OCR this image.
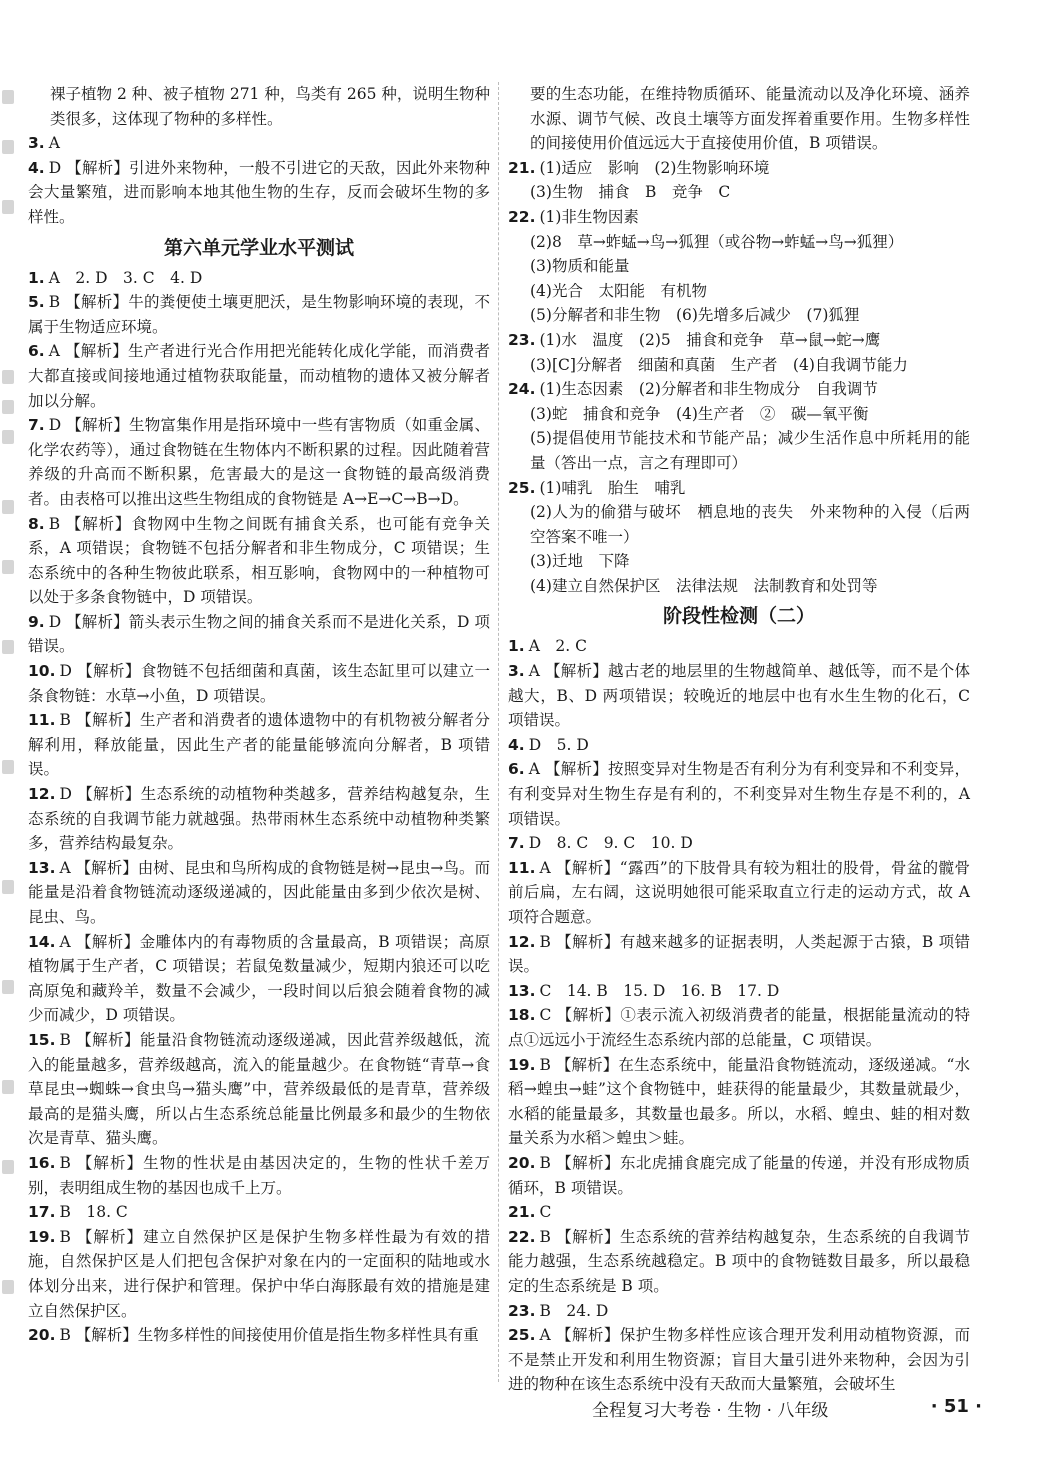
裸子植物 2 种、被子植物 271 种，鸟类有 265 种，说明生物种类很多，这体现了物种的多样性。

3. A

4. D 【解析】引进外来物种，一般不引进它的天敌，因此外来物种会大量繁殖，进而影响本地其他生物的生存，反而会破坏生物的多样性。

第六单元学业水平测试

1. A　2. D　3. C　4. D

5. B 【解析】牛的粪便使土壤更肥沃，是生物影响环境的表现，不属于生物适应环境。

6. A 【解析】生产者进行光合作用把光能转化成化学能，而消费者大都直接或间接地通过植物获取能量，而动植物的遗体又被分解者加以分解。

7. D 【解析】生物富集作用是指环境中一些有害物质（如重金属、化学农药等），通过食物链在生物体内不断积累的过程。因此随着营养级的升高而不断积累，危害最大的是这一食物链的最高级消费者。由表格可以推出这些生物组成的食物链是 A→E→C→B→D。

8. B 【解析】食物网中生物之间既有捕食关系，也可能有竞争关系，A 项错误；食物链不包括分解者和非生物成分，C 项错误；生态系统中的各种生物彼此联系，相互影响，食物网中的一种植物可以处于多条食物链中，D 项错误。

9. D 【解析】箭头表示生物之间的捕食关系而不是进化关系，D 项错误。

10. D 【解析】食物链不包括细菌和真菌，该生态缸里可以建立一条食物链：水草→小鱼，D 项错误。

11. B 【解析】生产者和消费者的遗体遗物中的有机物被分解者分解利用，释放能量，因此生产者的能量能够流向分解者，B 项错误。

12. D 【解析】生态系统的动植物种类越多，营养结构越复杂，生态系统的自我调节能力就越强。热带雨林生态系统中动植物种类繁多，营养结构最复杂。

13. A 【解析】由树、昆虫和鸟所构成的食物链是树→昆虫→鸟。而能量是沿着食物链流动逐级递减的，因此能量由多到少依次是树、昆虫、鸟。

14. A 【解析】金雕体内的有毒物质的含量最高，B 项错误；高原植物属于生产者，C 项错误；若鼠兔数量减少，短期内狼还可以吃高原兔和藏羚羊，数量不会减少，一段时间以后狼会随着食物的减少而减少，D 项错误。

15. B 【解析】能量沿食物链流动逐级递减，因此营养级越低，流入的能量越多，营养级越高，流入的能量越少。在食物链“青草→食草昆虫→蜘蛛→食虫鸟→猫头鹰”中，营养级最低的是青草，营养级最高的是猫头鹰，所以占生态系统总能量比例最多和最少的生物依次是青草、猫头鹰。

16. B 【解析】生物的性状是由基因决定的，生物的性状千差万别，表明组成生物的基因也成千上万。

17. B　18. C

19. B 【解析】建立自然保护区是保护生物多样性最为有效的措施，自然保护区是人们把包含保护对象在内的一定面积的陆地或水体划分出来，进行保护和管理。保护中华白海豚最有效的措施是建立自然保护区。

20. B 【解析】生物多样性的间接使用价值是指生物多样性具有重

要的生态功能，在维持物质循环、能量流动以及净化环境、涵养水源、调节气候、改良土壤等方面发挥着重要作用。生物多样性的间接使用价值远远大于直接使用价值，B 项错误。

21. (1)适应　影响　(2)生物影响环境

(3)生物　捕食　B　竞争　C

22. (1)非生物因素

(2)8　草→蚱蜢→鸟→狐狸（或谷物→蚱蜢→鸟→狐狸）

(3)物质和能量

(4)光合　太阳能　有机物

(5)分解者和非生物　(6)先增多后减少　(7)狐狸

23. (1)水　温度　(2)5　捕食和竞争　草→鼠→蛇→鹰

(3)[C]分解者　细菌和真菌　生产者　(4)自我调节能力

24. (1)生态因素　(2)分解者和非生物成分　自我调节

(3)蛇　捕食和竞争　(4)生产者　②　碳—氧平衡

(5)提倡使用节能技术和节能产品；减少生活作息中所耗用的能量（答出一点，言之有理即可）

25. (1)哺乳　胎生　哺乳

(2)人为的偷猎与破坏　栖息地的丧失　外来物种的入侵（后两空答案不唯一）

(3)迁地　下降

(4)建立自然保护区　法律法规　法制教育和处罚等

阶段性检测（二）

1. A　2. C

3. A 【解析】越古老的地层里的生物越简单、越低等，而不是个体越大，B、D 两项错误；较晚近的地层中也有水生生物的化石，C 项错误。

4. D　5. D

6. A 【解析】按照变异对生物是否有利分为有利变异和不利变异，有利变异对生物生存是有利的，不利变异对生物生存是不利的，A 项错误。

7. D　8. C　9. C　10. D

11. A 【解析】“露西”的下肢骨具有较为粗壮的股骨，骨盆的髋骨前后扁，左右阔，这说明她很可能采取直立行走的运动方式，故 A 项符合题意。

12. B 【解析】有越来越多的证据表明，人类起源于古猿，B 项错误。

13. C　14. B　15. D　16. B　17. D

18. C 【解析】①表示流入初级消费者的能量，根据能量流动的特点①远远小于流经生态系统内部的总能量，C 项错误。

19. B 【解析】在生态系统中，能量沿食物链流动，逐级递减。“水稻→蝗虫→蛙”这个食物链中，蛙获得的能量最少，其数量就最少，水稻的能量最多，其数量也最多。所以，水稻、蝗虫、蛙的相对数量关系为水稻＞蝗虫＞蛙。

20. B 【解析】东北虎捕食鹿完成了能量的传递，并没有形成物质循环，B 项错误。

21. C

22. B 【解析】生态系统的营养结构越复杂，生态系统的自我调节能力越强，生态系统越稳定。B 项中的食物链数目最多，所以最稳定的生态系统是 B 项。

23. B　24. D

25. A 【解析】保护生物多样性应该合理开发利用动植物资源，而不是禁止开发和利用生物资源；盲目大量引进外来物种，会因为引进的物种在该生态系统中没有天敌而大量繁殖，会破坏生

全程复习大考卷 · 生物 · 八年级	· 51 ·
